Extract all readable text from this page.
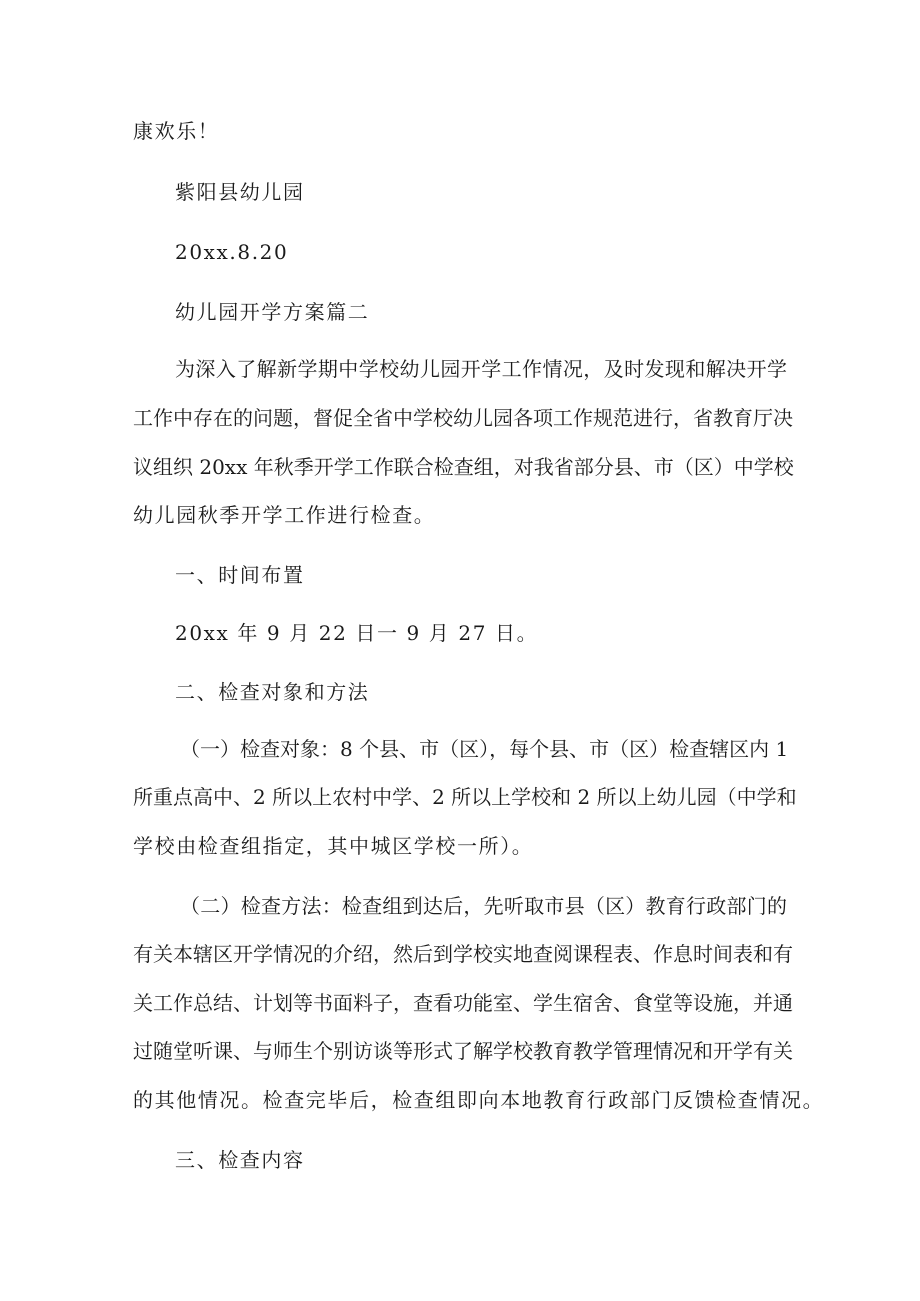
康欢乐！
紫阳县幼儿园
20xx.8.20
幼儿园开学方案篇二
为深入了解新学期中学校幼儿园开学工作情况，及时发现和解决开学
工作中存在的问题，督促全省中学校幼儿园各项工作规范进行，省教育厅决
议组织 20xx 年秋季开学工作联合检查组，对我省部分县、市（区）中学校
幼儿园秋季开学工作进行检查。
一、时间布置
20xx 年 9 月 22 日一 9 月 27 日。
二、检查对象和方法
（一）检查对象：8 个县、市（区），每个县、市（区）检查辖区内 1
所重点高中、2 所以上农村中学、2 所以上学校和 2 所以上幼儿园（中学和
学校由检查组指定，其中城区学校一所）。
（二）检查方法：检查组到达后，先听取市县（区）教育行政部门的
有关本辖区开学情况的介绍，然后到学校实地查阅课程表、作息时间表和有
关工作总结、计划等书面料子，查看功能室、学生宿舍、食堂等设施，并通
过随堂听课、与师生个别访谈等形式了解学校教育教学管理情况和开学有关
的其他情况。检查完毕后，检查组即向本地教育行政部门反馈检查情况。
三、检查内容
